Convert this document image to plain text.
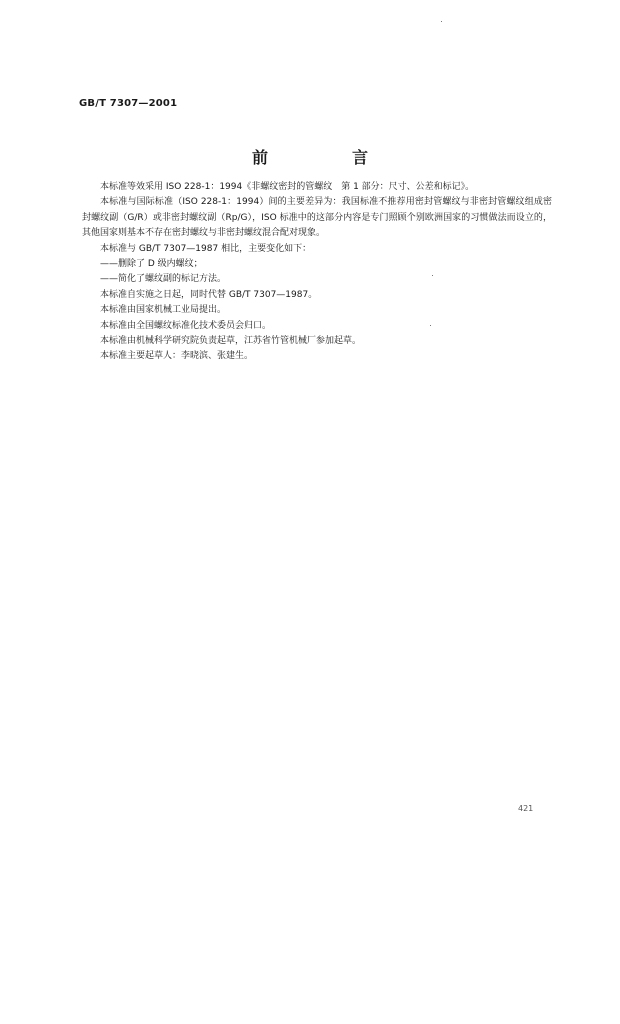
GB/T 7307—2001
前　言

本标准等效采用 ISO 228-1：1994《非螺纹密封的管螺纹　第 1 部分：尺寸、公差和标记》。

本标准与国际标准（ISO 228-1：1994）间的主要差异为：我国标准不推荐用密封管螺纹与非密封管螺纹组成密封螺纹副（G/R）或非密封螺纹副（Rp/G），ISO 标准中的这部分内容是专门照顾个别欧洲国家的习惯做法而设立的，其他国家则基本不存在密封螺纹与非密封螺纹混合配对现象。

本标准与 GB/T 7307—1987 相比，主要变化如下：

——删除了 D 级内螺纹；

——简化了螺纹副的标记方法。

本标准自实施之日起，同时代替 GB/T 7307—1987。

本标准由国家机械工业局提出。

本标准由全国螺纹标准化技术委员会归口。

本标准由机械科学研究院负责起草，江苏省竹管机械厂参加起草。

本标准主要起草人：李晓滨、张建生。

421
